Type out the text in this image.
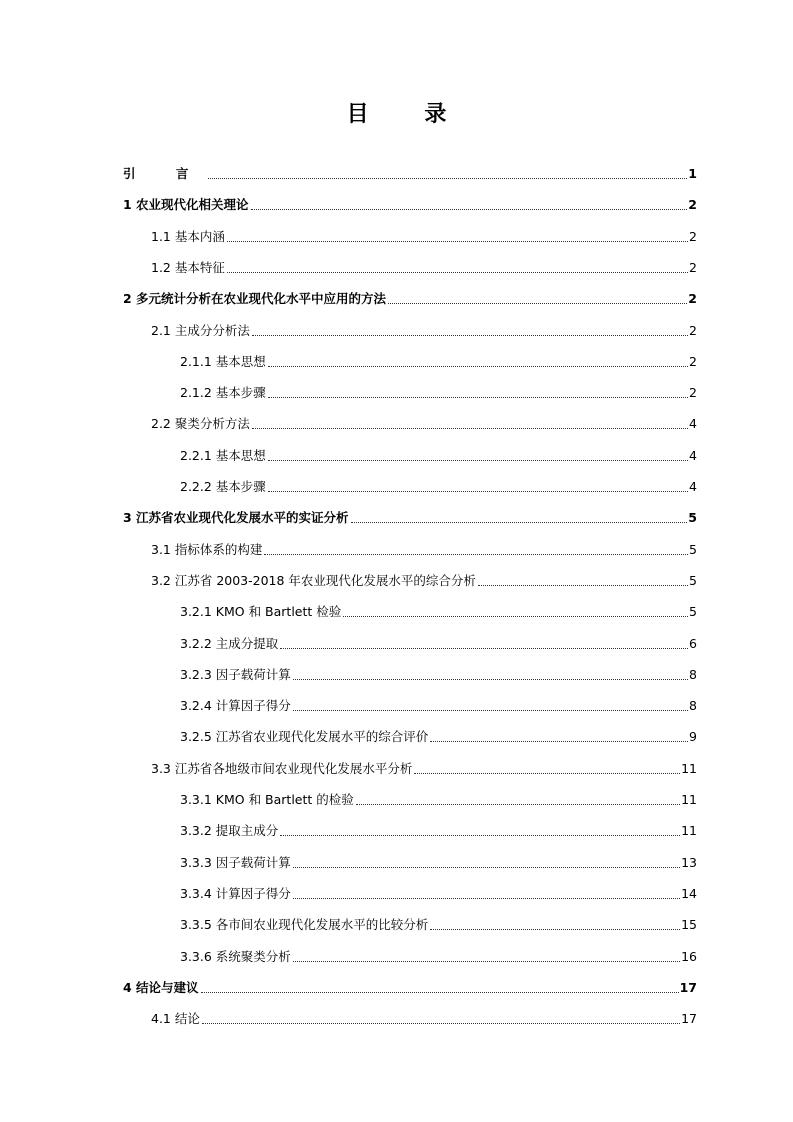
目 录
引 言	1
1 农业现代化相关理论	2
1.1 基本内涵	2
1.2 基本特征	2
2 多元统计分析在农业现代化水平中应用的方法	2
2.1 主成分分析法	2
2.1.1 基本思想	2
2.1.2 基本步骤	2
2.2 聚类分析方法	4
2.2.1 基本思想	4
2.2.2 基本步骤	4
3 江苏省农业现代化发展水平的实证分析	5
3.1 指标体系的构建	5
3.2 江苏省 2003-2018 年农业现代化发展水平的综合分析	5
3.2.1 KMO 和 Bartlett 检验	5
3.2.2 主成分提取	6
3.2.3 因子载荷计算	8
3.2.4 计算因子得分	8
3.2.5 江苏省农业现代化发展水平的综合评价	9
3.3 江苏省各地级市间农业现代化发展水平分析	11
3.3.1 KMO 和 Bartlett 的检验	11
3.3.2 提取主成分	11
3.3.3 因子载荷计算	13
3.3.4 计算因子得分	14
3.3.5 各市间农业现代化发展水平的比较分析	15
3.3.6 系统聚类分析	16
4 结论与建议	17
4.1 结论	17
